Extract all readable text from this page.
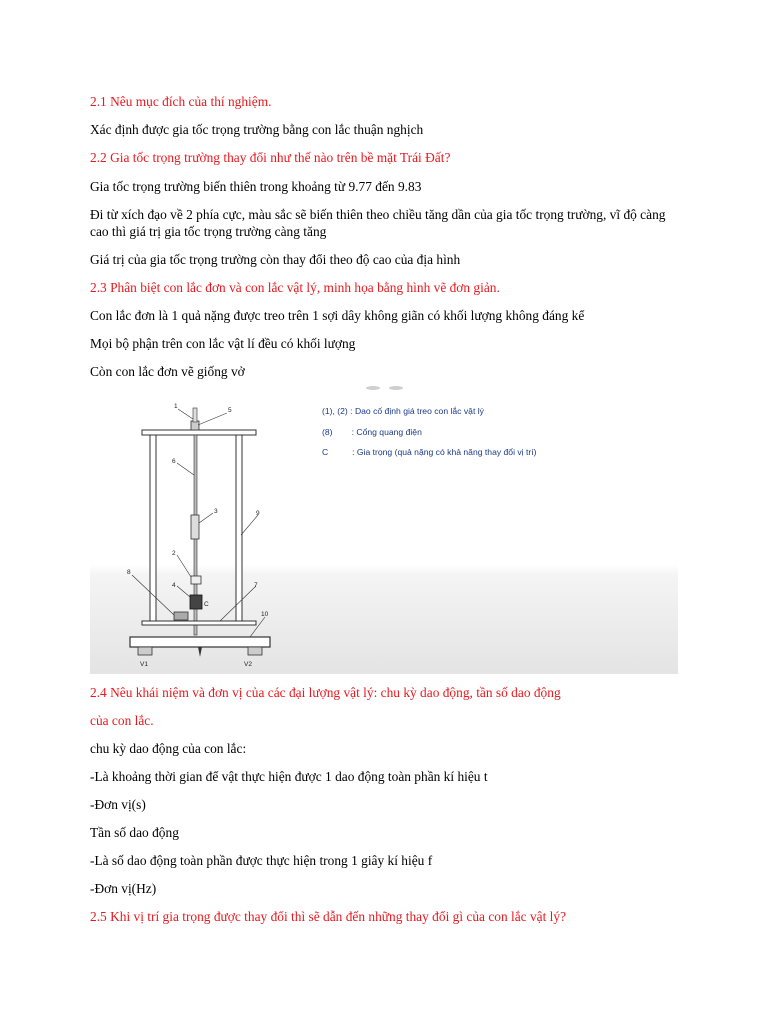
2.1 Nêu mục đích của thí nghiệm.
Xác định được gia tốc trọng trường bằng con lắc thuận nghịch
2.2 Gia tốc trọng trường thay đổi như thế nào trên bề mặt Trái Đất?
Gia tốc trọng trường biến thiên trong khoảng từ 9.77 đến 9.83
Đi từ xích đạo về 2 phía cực, màu sắc sẽ biến thiên theo chiều tăng dần của gia tốc trọng trường, vĩ độ càng cao thì giá trị gia tốc trọng trường càng tăng
Giá trị của gia tốc trọng trường còn thay đổi theo độ cao của địa hình
2.3 Phân biệt con lắc đơn và con lắc vật lý, minh họa bằng hình vẽ đơn giản.
Con lắc đơn là 1 quả nặng được treo trên 1 sợi dây không giãn có khối lượng không đáng kể
Mọi bộ phận trên con lắc vật lí đều có khối lượng
Còn con lắc đơn vẽ giống vở
1
5
6
3
2
4
C
9
8
7
10
V1	V2
(1), (2) : Dao cố định giá treo con lắc vật lý
(8)        : Cổng quang điện
C          : Gia trọng (quả nặng có khả năng thay đổi vị trí)
2.4 Nêu khái niệm và đơn vị của các đại lượng vật lý: chu kỳ dao động, tần số dao động
của con lắc.
chu kỳ dao động của con lắc:
-Là khoảng thời gian để vật thực hiện được 1 dao động toàn phần kí hiệu t
-Đơn vị(s)
Tần số dao động
-Là số dao động toàn phần được thực hiện trong 1 giây kí hiệu f
-Đơn vị(Hz)
2.5 Khi vị trí gia trọng được thay đổi thì sẽ dẫn đến những thay đổi gì của con lắc vật lý?
